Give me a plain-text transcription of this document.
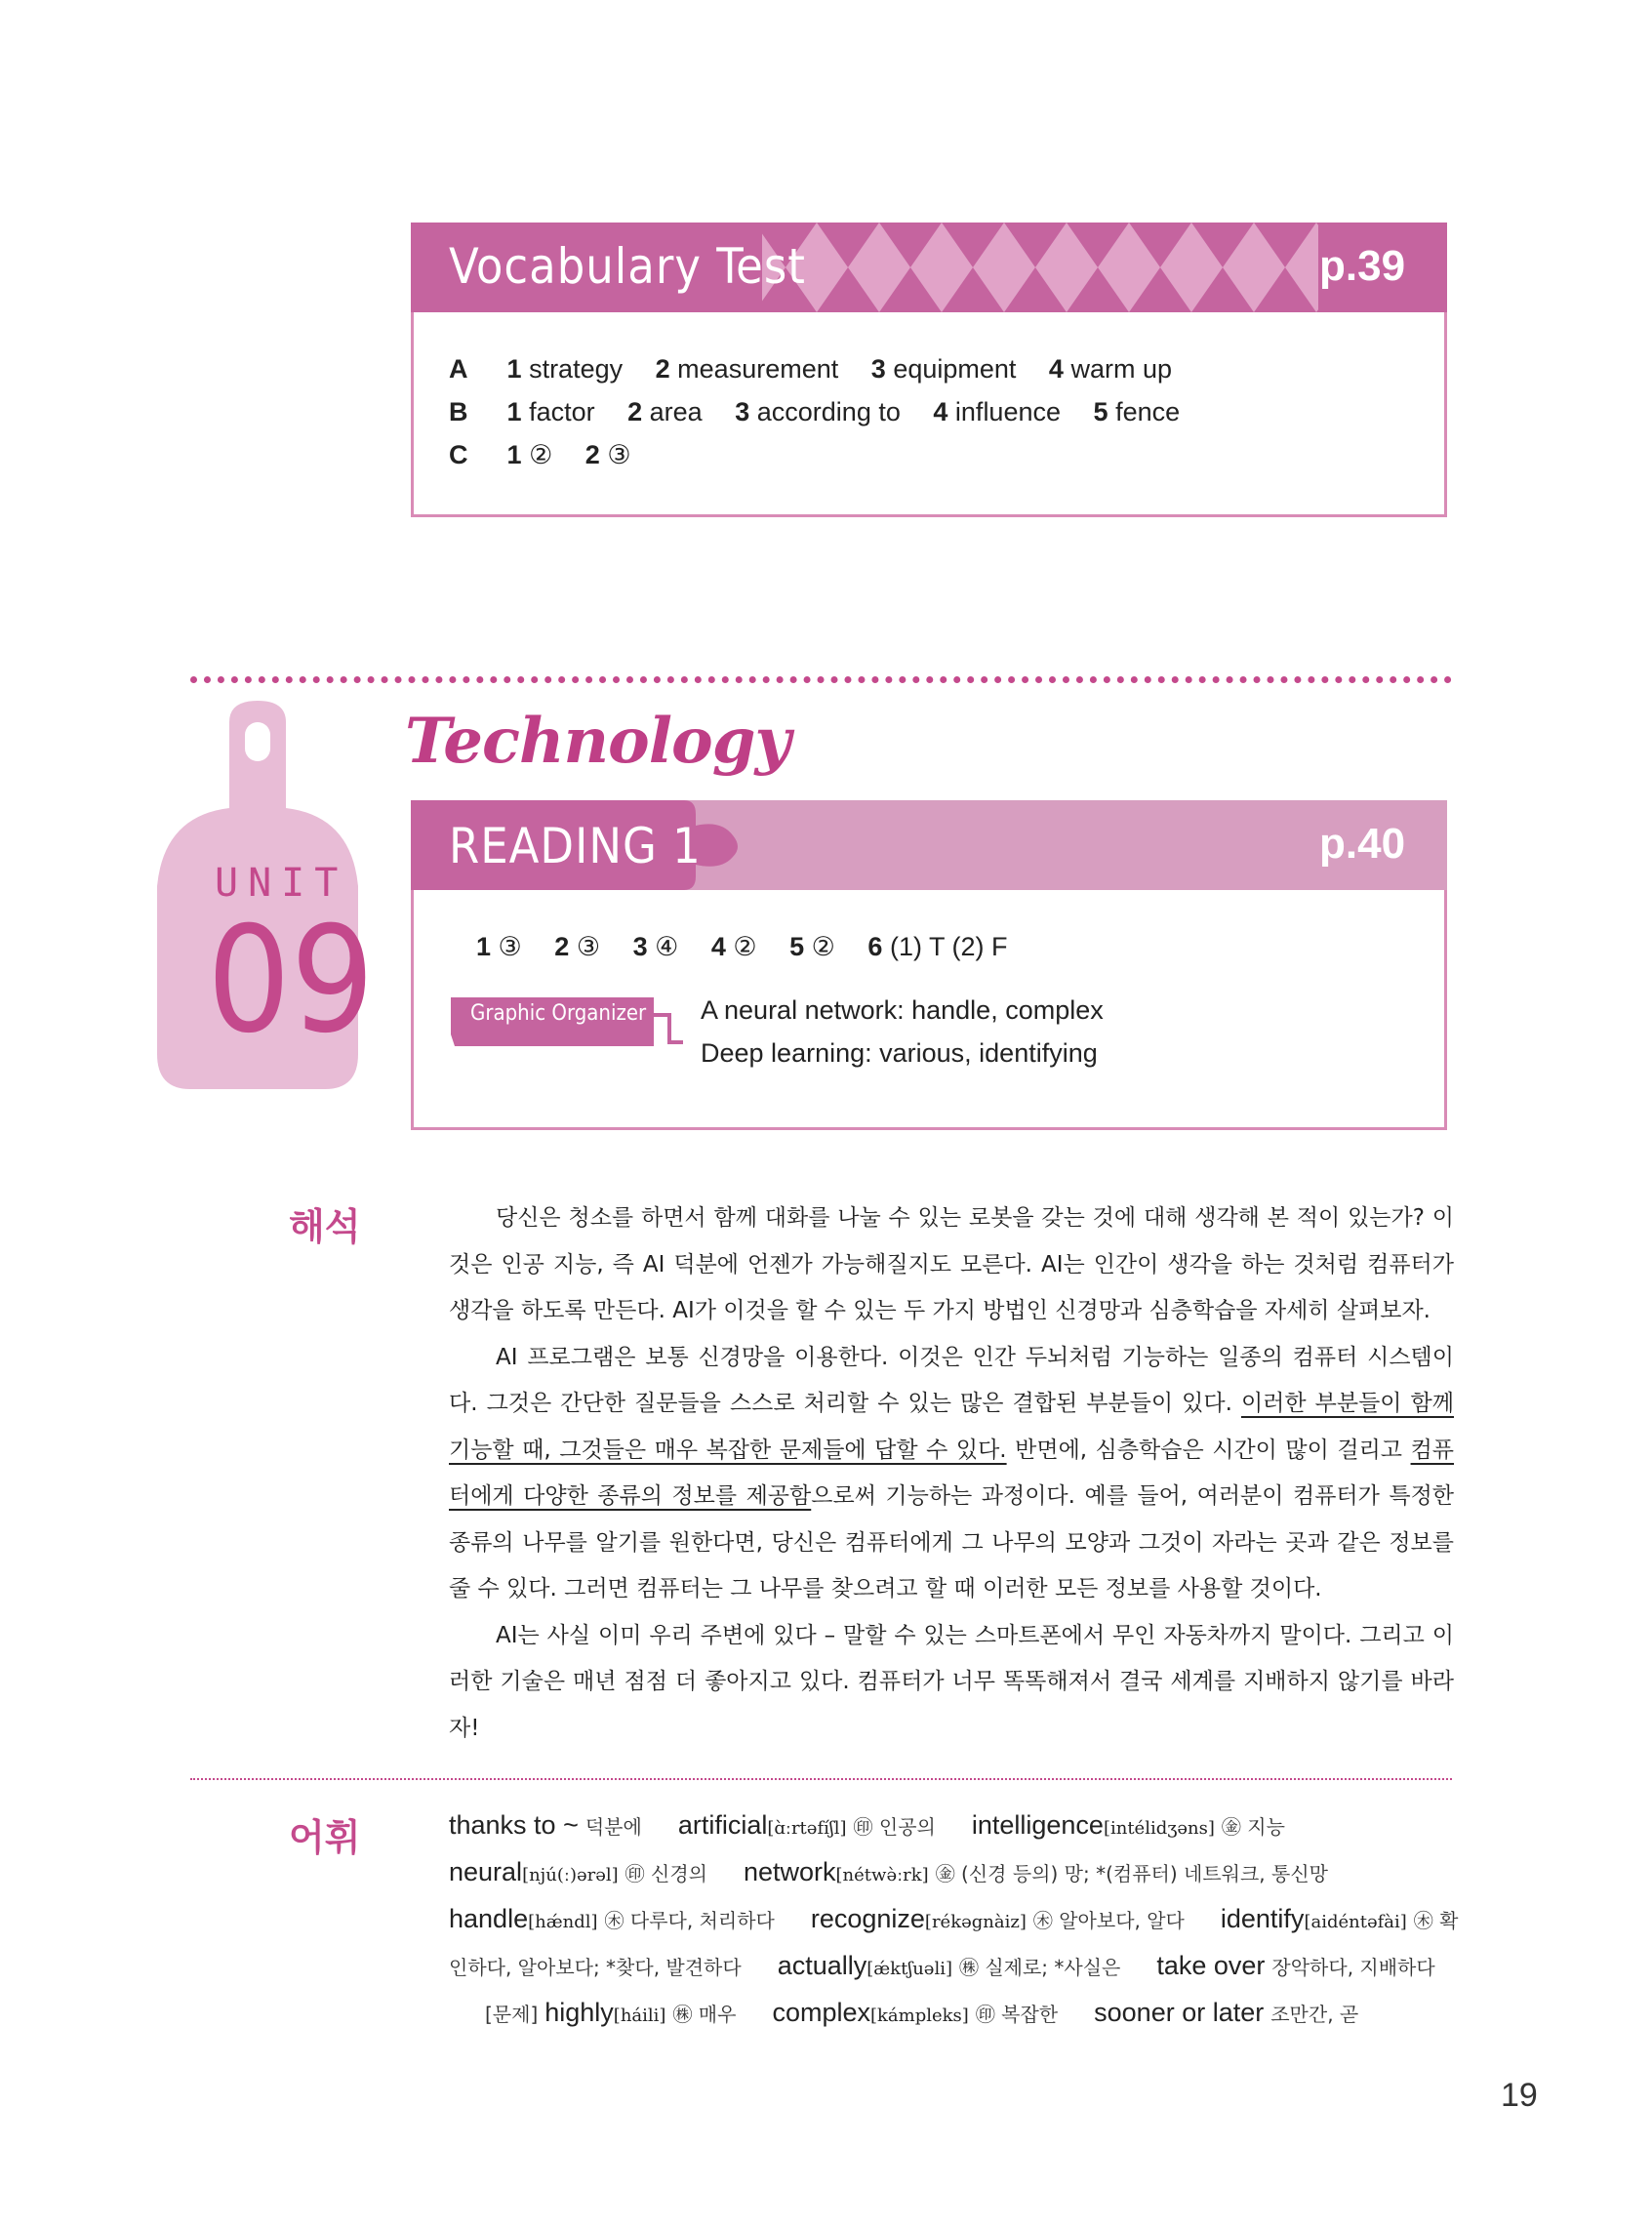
Vocabulary Test	p.39
A 1 strategy 2 measurement 3 equipment 4 warm up
B 1 factor 2 area 3 according to 4 influence 5 fence
C 1 ② 2 ③
UNIT
09
Technology
READING 1	p.40
1 ③ 2 ③ 3 ④ 4 ② 5 ② 6 (1) T (2) F
Graphic Organizer A neural network: handle, complex
Deep learning: various, identifying
해석	당신은 청소를 하면서 함께 대화를 나눌 수 있는 로봇을 갖는 것에 대해 생각해 본 적이 있는가? 이것은 인공 지능, 즉 AI 덕분에 언젠가 가능해질지도 모른다. AI는 인간이 생각을 하는 것처럼 컴퓨터가 생각을 하도록 만든다. AI가 이것을 할 수 있는 두 가지 방법인 신경망과 심층학습을 자세히 살펴보자.

AI 프로그램은 보통 신경망을 이용한다. 이것은 인간 두뇌처럼 기능하는 일종의 컴퓨터 시스템이다. 그것은 간단한 질문들을 스스로 처리할 수 있는 많은 결합된 부분들이 있다. 이러한 부분들이 함께 기능할 때, 그것들은 매우 복잡한 문제들에 답할 수 있다. 반면에, 심층학습은 시간이 많이 걸리고 컴퓨터에게 다양한 종류의 정보를 제공함으로써 기능하는 과정이다. 예를 들어, 여러분이 컴퓨터가 특정한 종류의 나무를 알기를 원한다면, 당신은 컴퓨터에게 그 나무의 모양과 그것이 자라는 곳과 같은 정보를 줄 수 있다. 그러면 컴퓨터는 그 나무를 찾으려고 할 때 이러한 모든 정보를 사용할 것이다.

AI는 사실 이미 우리 주변에 있다 – 말할 수 있는 스마트폰에서 무인 자동차까지 말이다. 그리고 이러한 기술은 매년 점점 더 좋아지고 있다. 컴퓨터가 너무 똑똑해져서 결국 세계를 지배하지 않기를 바라자!

어휘	thanks to ~ 덕분에 artificial[ɑ̀ːrtəfíʃl] ㊞ 인공의 intelligence[intélidʒəns] ㊎ 지능
neural[njú(ː)ərəl] ㊞ 신경의 network[nétwə̀ːrk] ㊎ (신경 등의) 망; *(컴퓨터) 네트워크, 통신망
handle[hǽndl] ㊍ 다루다, 처리하다 recognize[rékəgnàiz] ㊍ 알아보다, 알다 identify[aidéntəfài] ㊍ 확인하다, 알아보다; *찾다, 발견하다 actually[ǽktʃuəli] ㊑ 실제로; *사실은 take over 장악하다, 지배하다 [문제] highly[háili] ㊑ 매우 complex[kámpleks] ㊞ 복잡한 sooner or later 조만간, 곧
19
